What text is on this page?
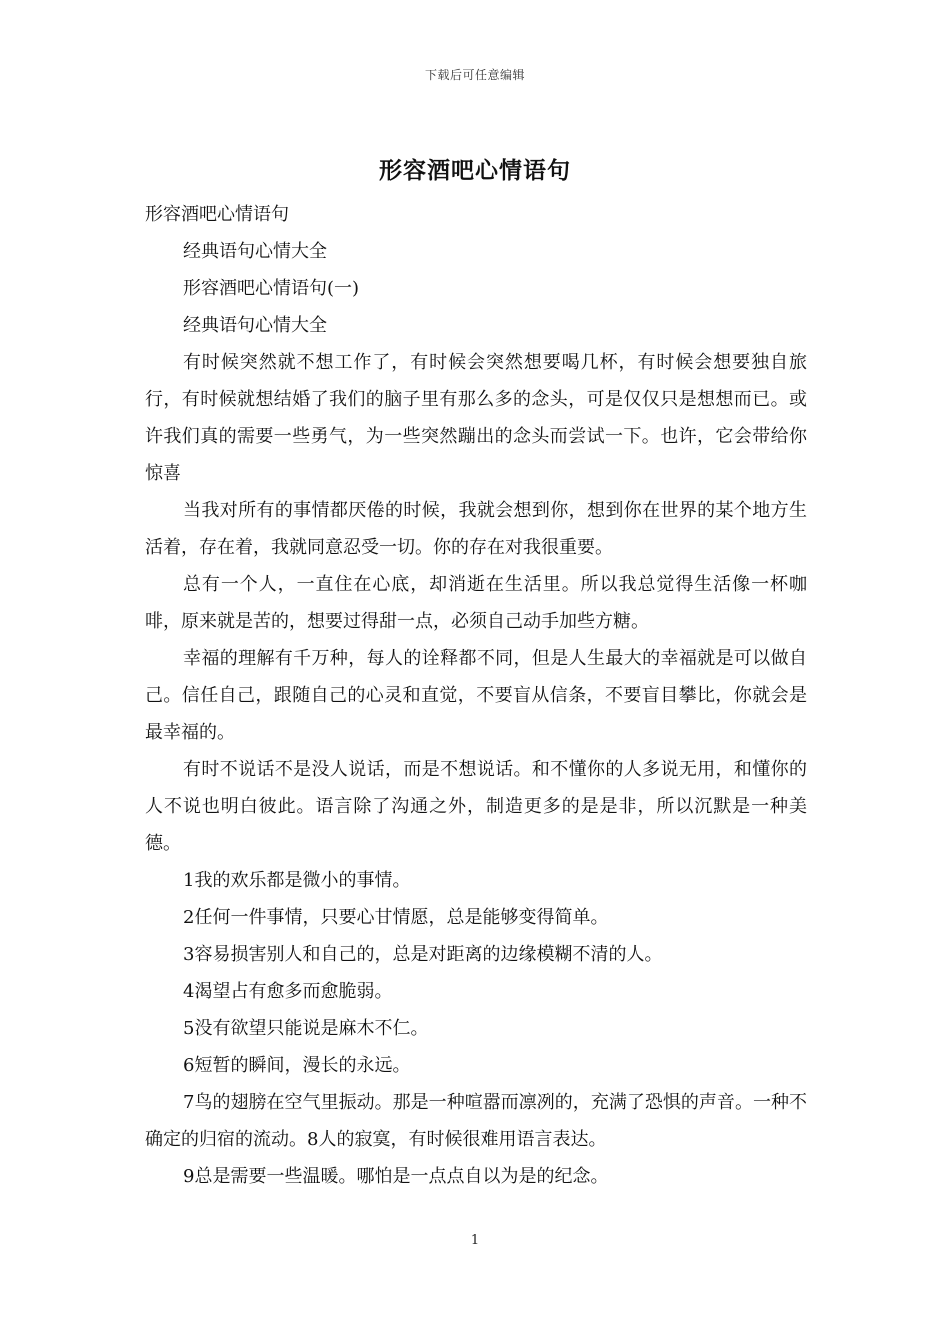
下载后可任意编辑
形容酒吧心情语句

形容酒吧心情语句

经典语句心情大全

形容酒吧心情语句(一)

经典语句心情大全

有时候突然就不想工作了，有时候会突然想要喝几杯，有时候会想要独自旅行，有时候就想结婚了我们的脑子里有那么多的念头，可是仅仅只是想想而已。或许我们真的需要一些勇气，为一些突然蹦出的念头而尝试一下。也许，它会带给你惊喜

当我对所有的事情都厌倦的时候，我就会想到你，想到你在世界的某个地方生活着，存在着，我就同意忍受一切。你的存在对我很重要。

总有一个人，一直住在心底，却消逝在生活里。所以我总觉得生活像一杯咖啡，原来就是苦的，想要过得甜一点，必须自己动手加些方糖。

幸福的理解有千万种，每人的诠释都不同，但是人生最大的幸福就是可以做自己。信任自己，跟随自己的心灵和直觉，不要盲从信条，不要盲目攀比，你就会是最幸福的。

有时不说话不是没人说话，而是不想说话。和不懂你的人多说无用，和懂你的人不说也明白彼此。语言除了沟通之外，制造更多的是是非，所以沉默是一种美德。

1我的欢乐都是微小的事情。

2任何一件事情，只要心甘情愿，总是能够变得简单。

3容易损害别人和自己的，总是对距离的边缘模糊不清的人。

4渴望占有愈多而愈脆弱。

5没有欲望只能说是麻木不仁。

6短暂的瞬间，漫长的永远。

7鸟的翅膀在空气里振动。那是一种喧嚣而凛冽的，充满了恐惧的声音。一种不确定的归宿的流动。8人的寂寞，有时候很难用语言表达。

9总是需要一些温暖。哪怕是一点点自以为是的纪念。

1
